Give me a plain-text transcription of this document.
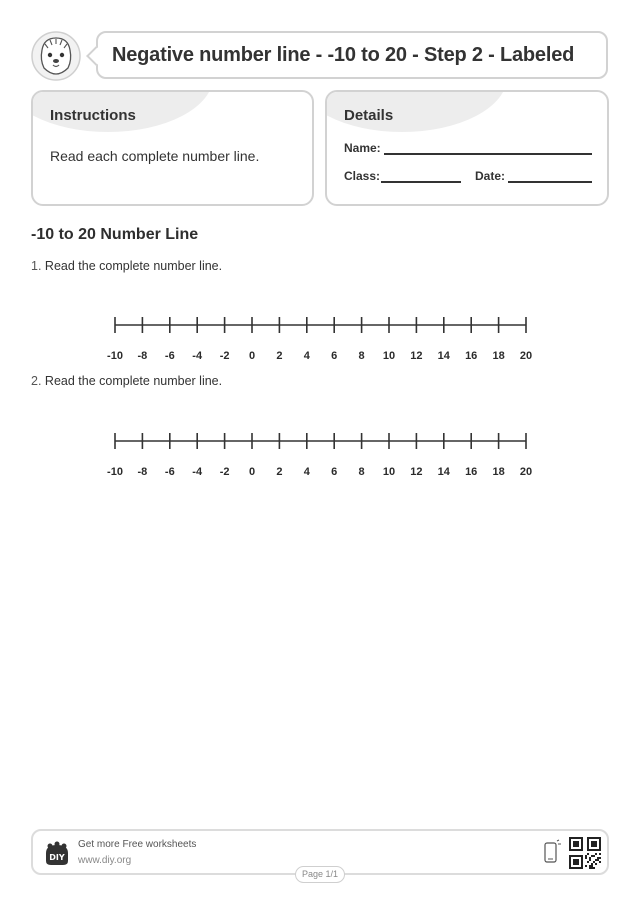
Negative number line - -10 to 20 - Step 2 - Labeled
Instructions
Read each complete number line.
Details
Name:
Class:	Date:
-10 to 20 Number Line
1. Read the complete number line.
-10 -8 -6 -4 -2 0 2 4 6 8 10 12 14 16 18 20
2. Read the complete number line.
-10 -8 -6 -4 -2 0 2 4 6 8 10 12 14 16 18 20
DIY
Get more Free worksheets
www.diy.org
Page 1/1
